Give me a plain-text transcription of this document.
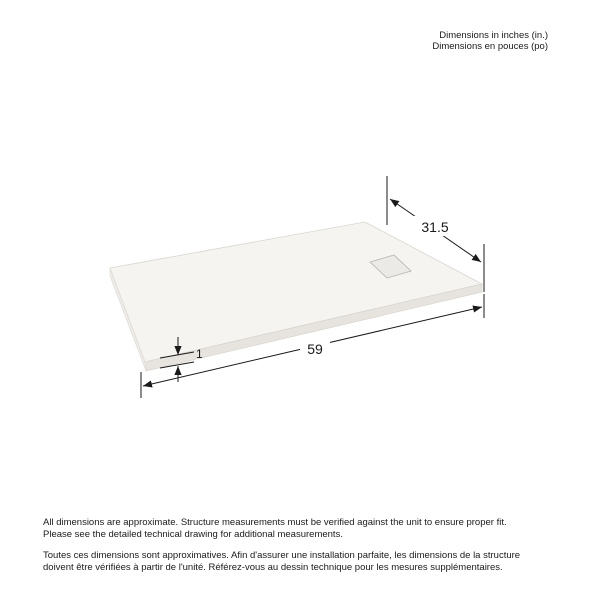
Dimensions in inches (in.)
Dimensions en pouces (po)
31.5
59
1

All dimensions are approximate. Structure measurements must be verified against the unit to ensure proper fit.

Please see the detailed technical drawing for additional measurements.

Toutes ces dimensions sont approximatives. Afin d'assurer une installation parfaite, les dimensions de la structure

doivent être vérifiées à partir de l'unité. Référez-vous au dessin technique pour les mesures supplémentaires.
